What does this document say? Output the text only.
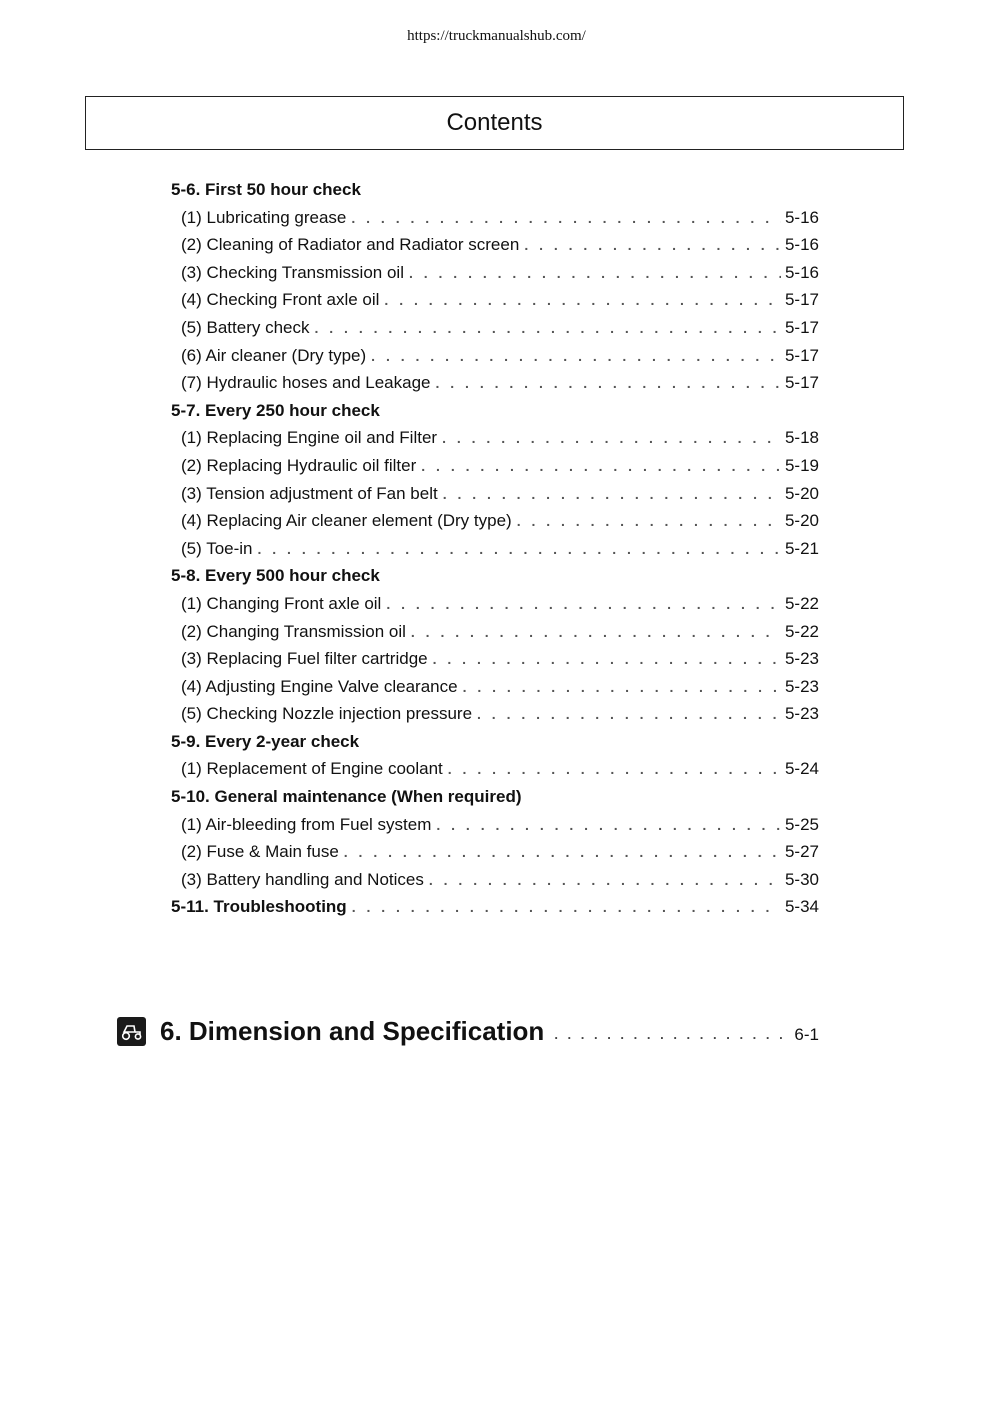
https://truckmanualshub.com/
Contents
5-6. First 50 hour check
(1) Lubricating grease . . .	5-16
(2) Cleaning of Radiator and Radiator screen . . .	5-16
(3) Checking Transmission oil . . .	5-16
(4) Checking Front axle oil . . .	5-17
(5) Battery check . . .	5-17
(6) Air cleaner (Dry type) . . .	5-17
(7) Hydraulic hoses and Leakage . . .	5-17
5-7. Every 250 hour check
(1) Replacing Engine oil and Filter . . .	5-18
(2) Replacing Hydraulic oil filter . . .	5-19
(3) Tension adjustment of Fan belt . . .	5-20
(4) Replacing Air cleaner element (Dry type) . . .	5-20
(5) Toe-in . . .	5-21
5-8. Every 500 hour check
(1) Changing Front axle oil . . .	5-22
(2) Changing Transmission oil . . .	5-22
(3) Replacing Fuel filter cartridge . . .	5-23
(4) Adjusting Engine Valve clearance . . .	5-23
(5) Checking Nozzle injection pressure . . .	5-23
5-9. Every 2-year check
(1) Replacement of Engine coolant . . .	5-24
5-10. General maintenance (When required)
(1) Air-bleeding from Fuel system . . .	5-25
(2) Fuse & Main fuse . . .	5-27
(3) Battery handling and Notices . . .	5-30
5-11. Troubleshooting . . .	5-34
6. Dimension and Specification . . .	6-1
